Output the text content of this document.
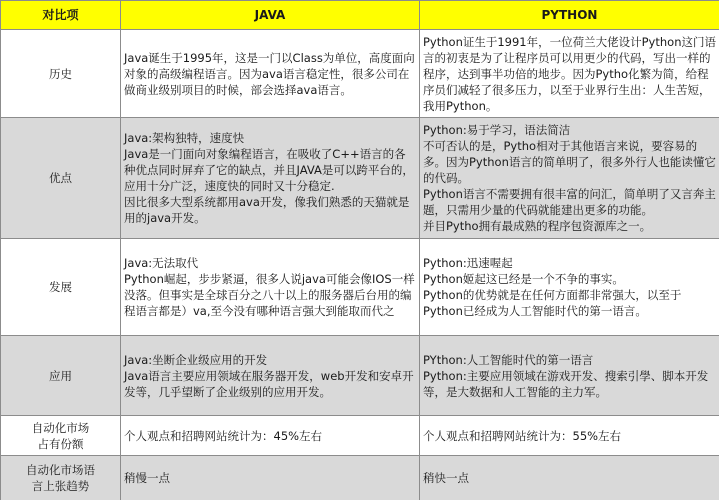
对比项	JAVA	PYTHON

历史	Java诞生于1995年，这是一门以Class为单位，高度面向对象的高级编程语言。因为ava语言稳定性，很多公司在做商业级别项目的时候，部会选择ava语言。	Python证生于1991年，一位荷兰大佬设计Python这门语言的初衷是为了让程序员可以用更少的代码，写出一样的程序，达到事半功倍的地步。因为Pytho化繁为简，给程序员们减轻了很多压力，以至于业界行生出：人生苦短，我用Python。

优点	Java:架构独特，速度快
Java是一门面向对象编程语言，在吸收了C++语言的各种优点同时屏弃了它的缺点，并且JAVA是可以跨平台的，应用十分广泛，速度快的同时又十分稳定.
因比很多大型系统都用ava开发，像我们熟悉的天猫就是用的java开发。	Python:易于学习，语法简洁
不可否认的是，Pytho相对于其他语言来说，要容易的多。因为Python语言的简单明了，很多外行人也能读懂它的代码。
Python语言不需要拥有很丰富的问汇，简单明了又言奔主题，只需用少量的代码就能建出更多的功能。
并目Pytho拥有最成熟的程序包资源库之一。

发展	Java:无法取代
Python崛起，步步紧逼，很多人说java可能会像IOS一样没落。但事实是全球百分之八十以上的服务器后台用的编程语言都是）va,至今没有哪种语言强大到能取而代之	Python:迅速喔起
Python姬起这已经是一个不争的事实。
Python的优势就是在任何方面都非常强大，以至于Python已经成为人工智能时代的第一语言。

应用	Java:坐断企业级应用的开发
Java语言主要应用领域在服务器开发，web开发和安卓开发等，几乎望断了企业级别的应用开发。	PYthon:人工智能时代的第一语言
Python:主要应用领域在游戏开发、搜索引學、脚本开发等，是大数据和人工智能的主力军。

自动化市场
占有份额	个人观点和招聘网站统计为：45%左右	个人观点和招聘网站统计为：55%左右

自动化市场语
言上张趋势	稍慢一点	稍快一点
